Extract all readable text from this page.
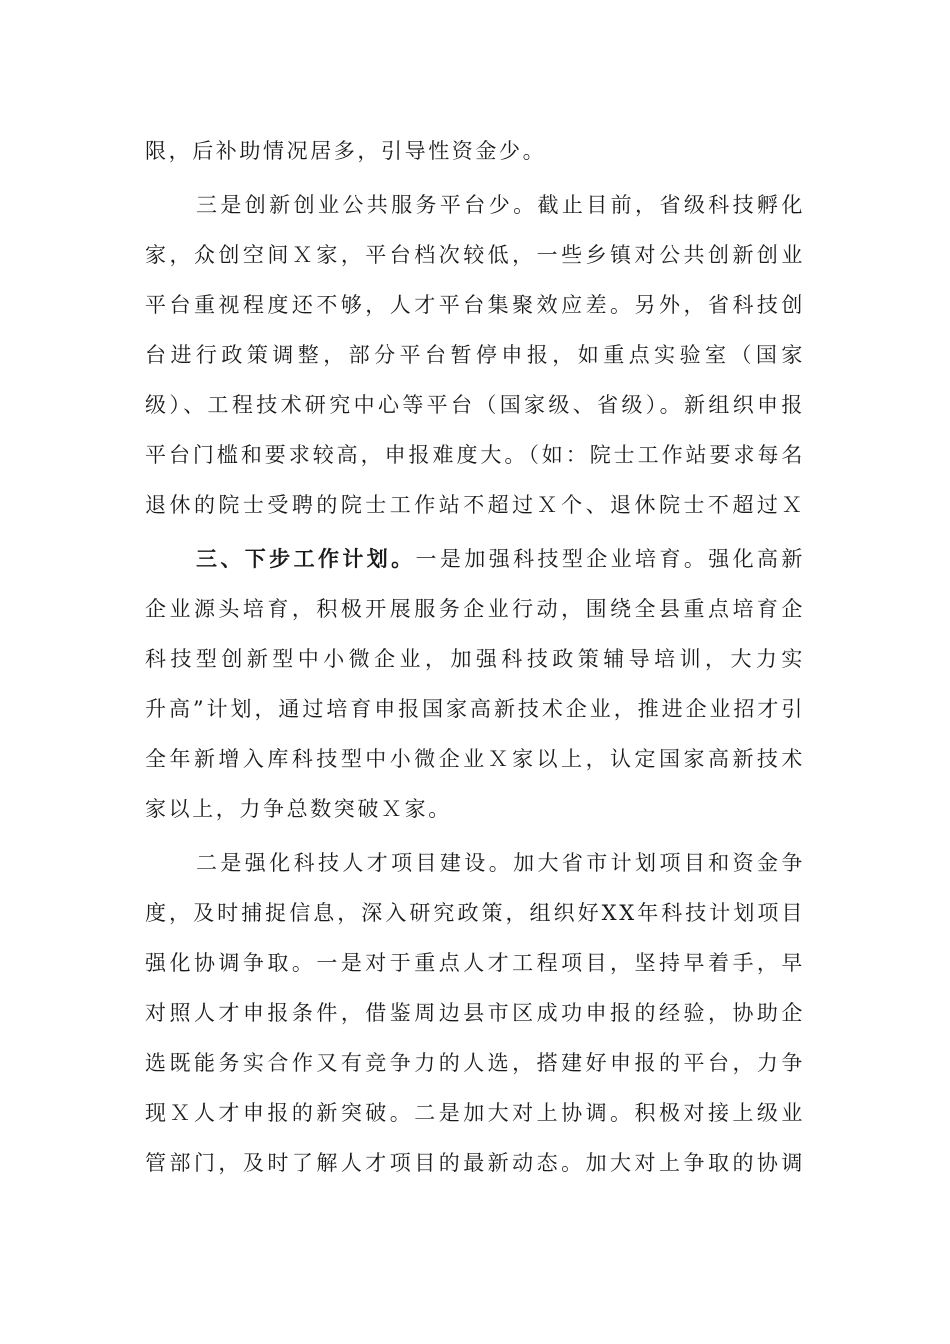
限，后补助情况居多，引导性资金少。
三是创新创业公共服务平台少。截止目前，省级科技孵化
家，众创空间Ｘ家，平台档次较低，一些乡镇对公共创新创业
平台重视程度还不够，人才平台集聚效应差。另外，省科技创
台进行政策调整，部分平台暂停申报，如重点实验室（国家
级）、工程技术研究中心等平台（国家级、省级）。新组织申报
平台门槛和要求较高，申报难度大。（如：院士工作站要求每名
退休的院士受聘的院士工作站不超过Ｘ个、退休院士不超过Ｘ
三、下步工作计划。一是加强科技型企业培育。强化高新
企业源头培育，积极开展服务企业行动，围绕全县重点培育企
科技型创新型中小微企业，加强科技政策辅导培训，大力实
升高”计划，通过培育申报国家高新技术企业，推进企业招才引
全年新增入库科技型中小微企业Ｘ家以上，认定国家高新技术
家以上，力争总数突破Ｘ家。
二是强化科技人才项目建设。加大省市计划项目和资金争
度，及时捕捉信息，深入研究政策，组织好XX年科技计划项目
强化协调争取。一是对于重点人才工程项目，坚持早着手，早
对照人才申报条件，借鉴周边县市区成功申报的经验，协助企
选既能务实合作又有竞争力的人选，搭建好申报的平台，力争
现Ｘ人才申报的新突破。二是加大对上协调。积极对接上级业
管部门，及时了解人才项目的最新动态。加大对上争取的协调
